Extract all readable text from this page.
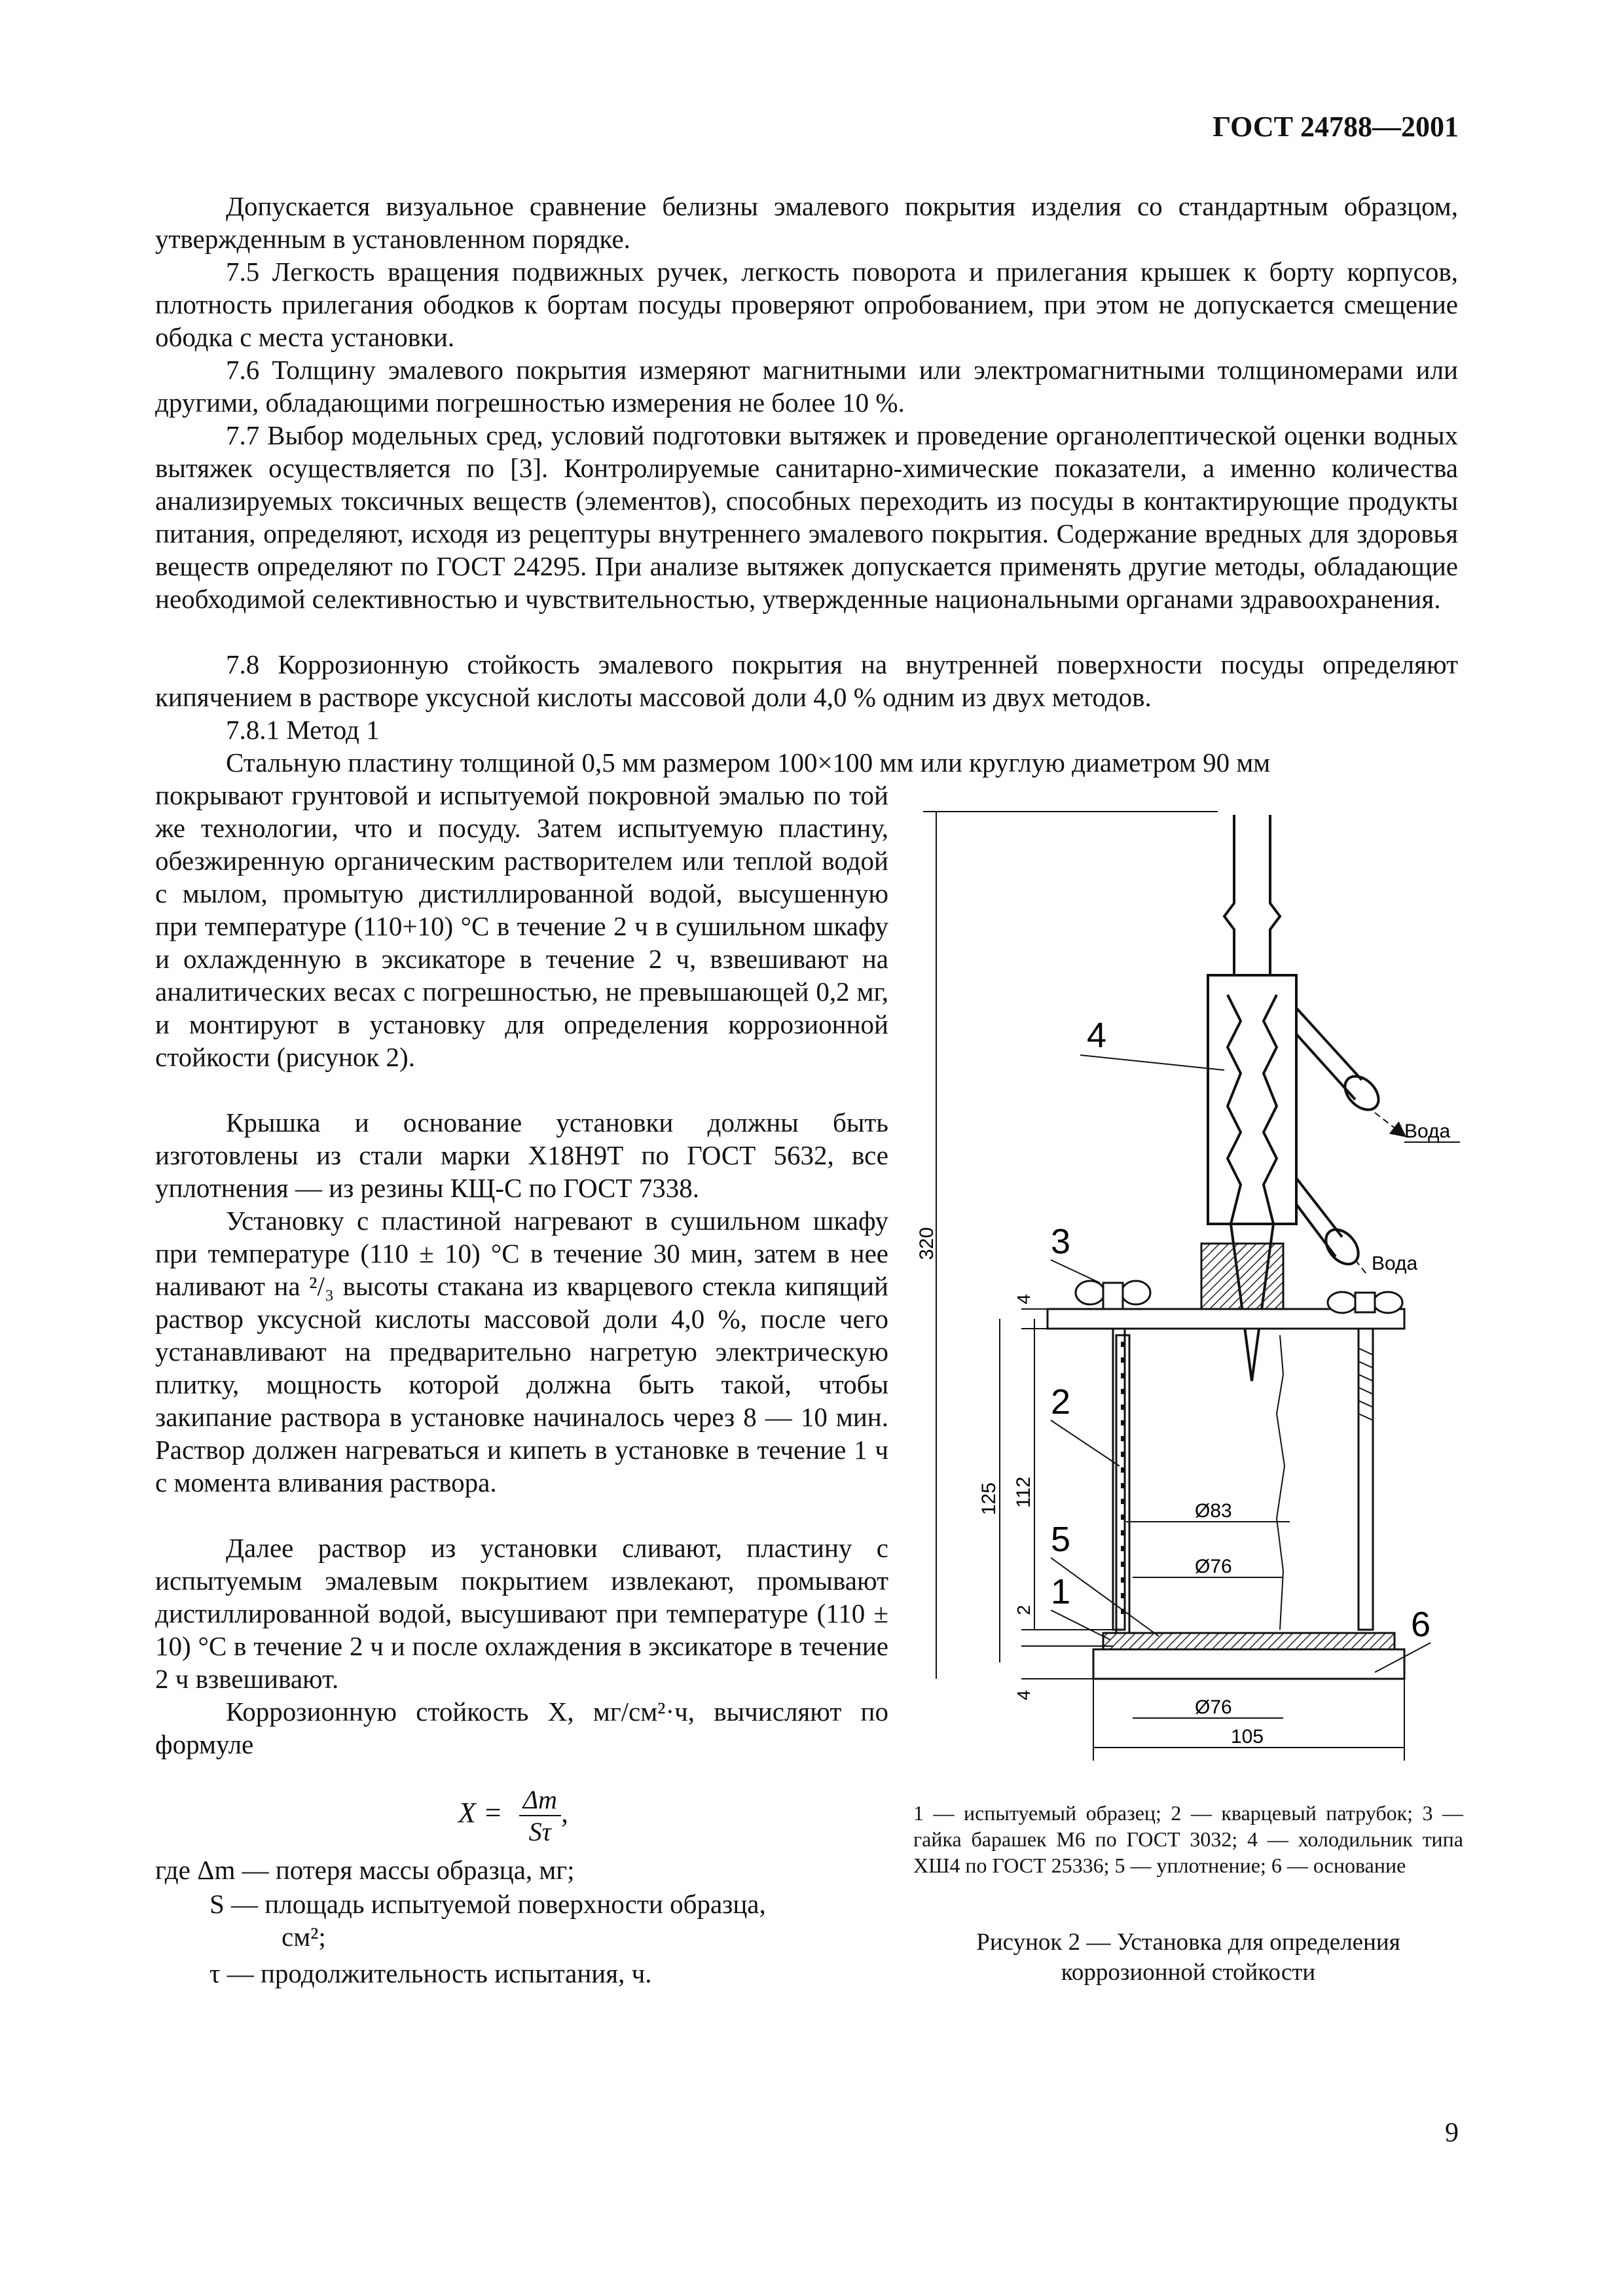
ГОСТ 24788—2001

Допускается визуальное сравнение белизны эмалевого покрытия изделия со стандартным образцом, утвержденным в установленном порядке.

7.5 Легкость вращения подвижных ручек, легкость поворота и прилегания крышек к борту корпусов, плотность прилегания ободков к бортам посуды проверяют опробованием, при этом не допускается смещение ободка с места установки.

7.6 Толщину эмалевого покрытия измеряют магнитными или электромагнитными толщиномерами или другими, обладающими погрешностью измерения не более 10 %.

7.7 Выбор модельных сред, условий подготовки вытяжек и проведение органолептической оценки водных вытяжек осуществляется по [3]. Контролируемые санитарно-химические показатели, а именно количества анализируемых токсичных веществ (элементов), способных переходить из посуды в контактирующие продукты питания, определяют, исходя из рецептуры внутреннего эмалевого покрытия. Содержание вредных для здоровья веществ определяют по ГОСТ 24295. При анализе вытяжек допускается применять другие методы, обладающие необходимой селективностью и чувствительностью, утвержденные национальными органами здравоохранения.

7.8 Коррозионную стойкость эмалевого покрытия на внутренней поверхности посуды определяют кипячением в растворе уксусной кислоты массовой доли 4,0 % одним из двух методов.

7.8.1 Метод 1

Стальную пластину толщиной 0,5 мм размером 100×100 мм или круглую диаметром 90 мм

покрывают грунтовой и испытуемой покровной эмалью по той же технологии, что и посуду. Затем испытуемую пластину, обезжиренную органическим растворителем или теплой водой с мылом, промытую дистиллированной водой, высушенную при температуре (110+10) °С в течение 2 ч в сушильном шкафу и охлажденную в эксикаторе в течение 2 ч, взвешивают на аналитических весах с погрешностью, не превышающей 0,2 мг, и монтируют в установку для определения коррозионной стойкости (рисунок 2).

Крышка и основание установки должны быть изготовлены из стали марки Х18Н9Т по ГОСТ 5632, все уплотнения — из резины КЩ-С по ГОСТ 7338.

Установку с пластиной нагревают в сушильном шкафу при температуре (110 ± 10) °С в течение 30 мин, затем в нее наливают на ²/₃ высоты стакана из кварцевого стекла кипящий раствор уксусной кислоты массовой доли 4,0 %, после чего устанавливают на предварительно нагретую электрическую плитку, мощность которой должна быть такой, чтобы закипание раствора в установке начиналось через 8 — 10 мин. Раствор должен нагреваться и кипеть в установке в течение 1 ч с момента вливания раствора.

Далее раствор из установки сливают, пластину с испытуемым эмалевым покрытием извлекают, промывают дистиллированной водой, высушивают при температуре (110 ± 10) °С в течение 2 ч и после охлаждения в эксикаторе в течение 2 ч взвешивают.

Коррозионную стойкость X, мг/см²·ч, вычисляют по формуле

$X = \frac{\Delta m}{S\tau}$ ,
где Δm — потеря массы образца, мг;
S — площадь испытуемой поверхности образца,
см²;
τ — продолжительность испытания, ч.
320
125 112
4
2
4
Вода
Вода
Ø83
Ø76
Ø76
105
4
3
2
5
1
6
1 — испытуемый образец; 2 — кварцевый патрубок; 3 — гайка барашек М6 по ГОСТ 3032; 4 — холодильник типа ХШ4 по ГОСТ 25336; 5 — уплотнение; 6 — основание
Рисунок 2 — Установка для определения
коррозионной стойкости
9
